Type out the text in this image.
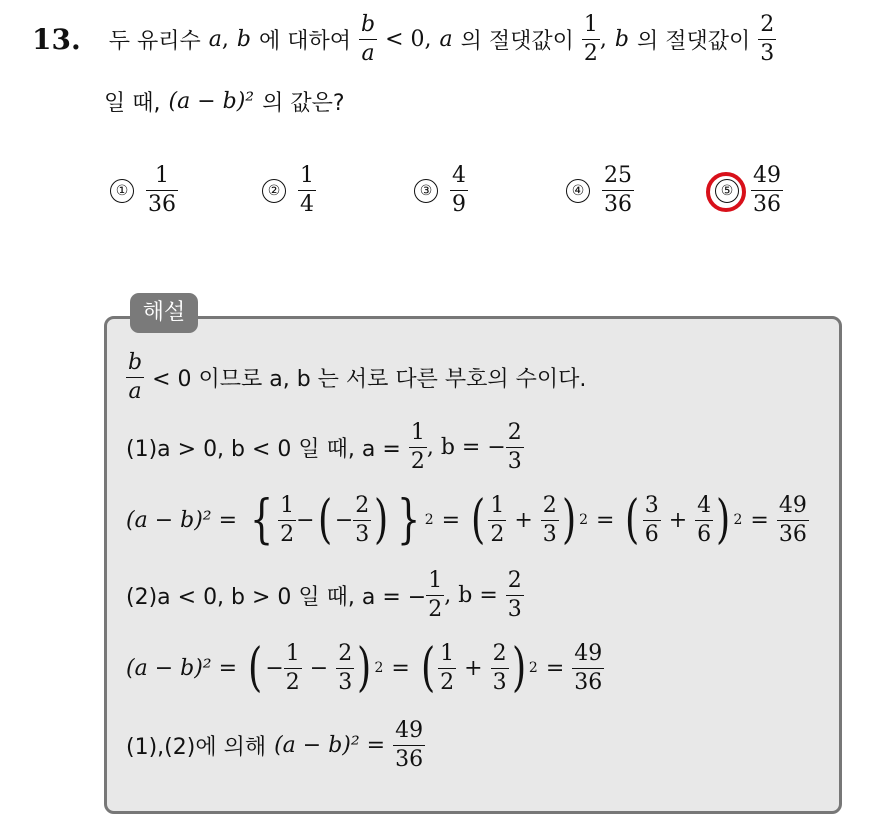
13. 두 유리수 a , b 에 대하여 $\frac{b}{a} < 0$, a 의 절댓값이 $\frac{1}{2}$ , b 의 절댓값이 $\frac{2}{3}$
일 때, (a − b)² 의 값은?
① $\frac{1}{36}$	② $\frac{1}{4}$	③ $\frac{4}{9}$	④ $\frac{25}{36}$	⑤ $\frac{49}{36}$
해설
$\frac{b}{a} < 0$ 이므로 a, b 는 서로 다른 부호의 수이다.
(1)a > 0, b < 0 일 때, $a = \frac{1}{2}$ , b = − $\frac{2}{3}$
(a − b)² = { $\frac{1}{2}$ − ( − $\frac{2}{3}$ ) } 2 = ( $\frac{1}{2} + \frac{2}{3}$ ) 2 = ( $\frac{3}{6} + \frac{4}{6}$ ) $2 = \frac{49}{36}$
(2)a < 0, b > 0 일 때, a = − $\frac{1}{2}$ , $b = \frac{2}{3}$
(a − b)² = ( − $\frac{1}{2} - \frac{2}{3}$ ) 2 = ( $\frac{1}{2} + \frac{2}{3}$ ) $2 = \frac{49}{36}$
(1),(2)에 의해 $(a - b)^2 = \frac{49}{36}$
